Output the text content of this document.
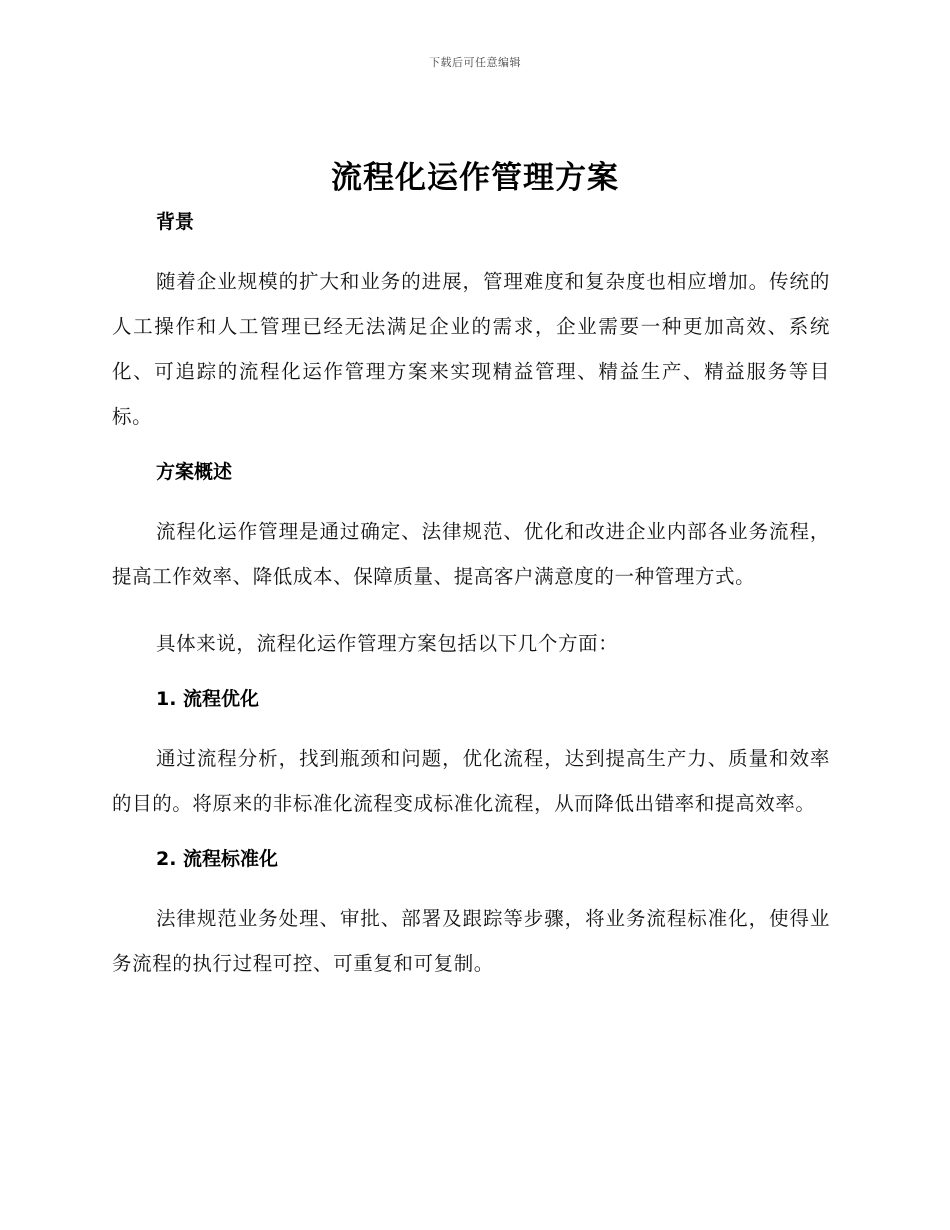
下载后可任意编辑
流程化运作管理方案
背景

随着企业规模的扩大和业务的进展，管理难度和复杂度也相应增加。传统的人工操作和人工管理已经无法满足企业的需求，企业需要一种更加高效、系统化、可追踪的流程化运作管理方案来实现精益管理、精益生产、精益服务等目标。

方案概述

流程化运作管理是通过确定、法律规范、优化和改进企业内部各业务流程，提高工作效率、降低成本、保障质量、提高客户满意度的一种管理方式。

具体来说，流程化运作管理方案包括以下几个方面：

1. 流程优化

通过流程分析，找到瓶颈和问题，优化流程，达到提高生产力、质量和效率的目的。将原来的非标准化流程变成标准化流程，从而降低出错率和提高效率。

2. 流程标准化

法律规范业务处理、审批、部署及跟踪等步骤，将业务流程标准化，使得业务流程的执行过程可控、可重复和可复制。
